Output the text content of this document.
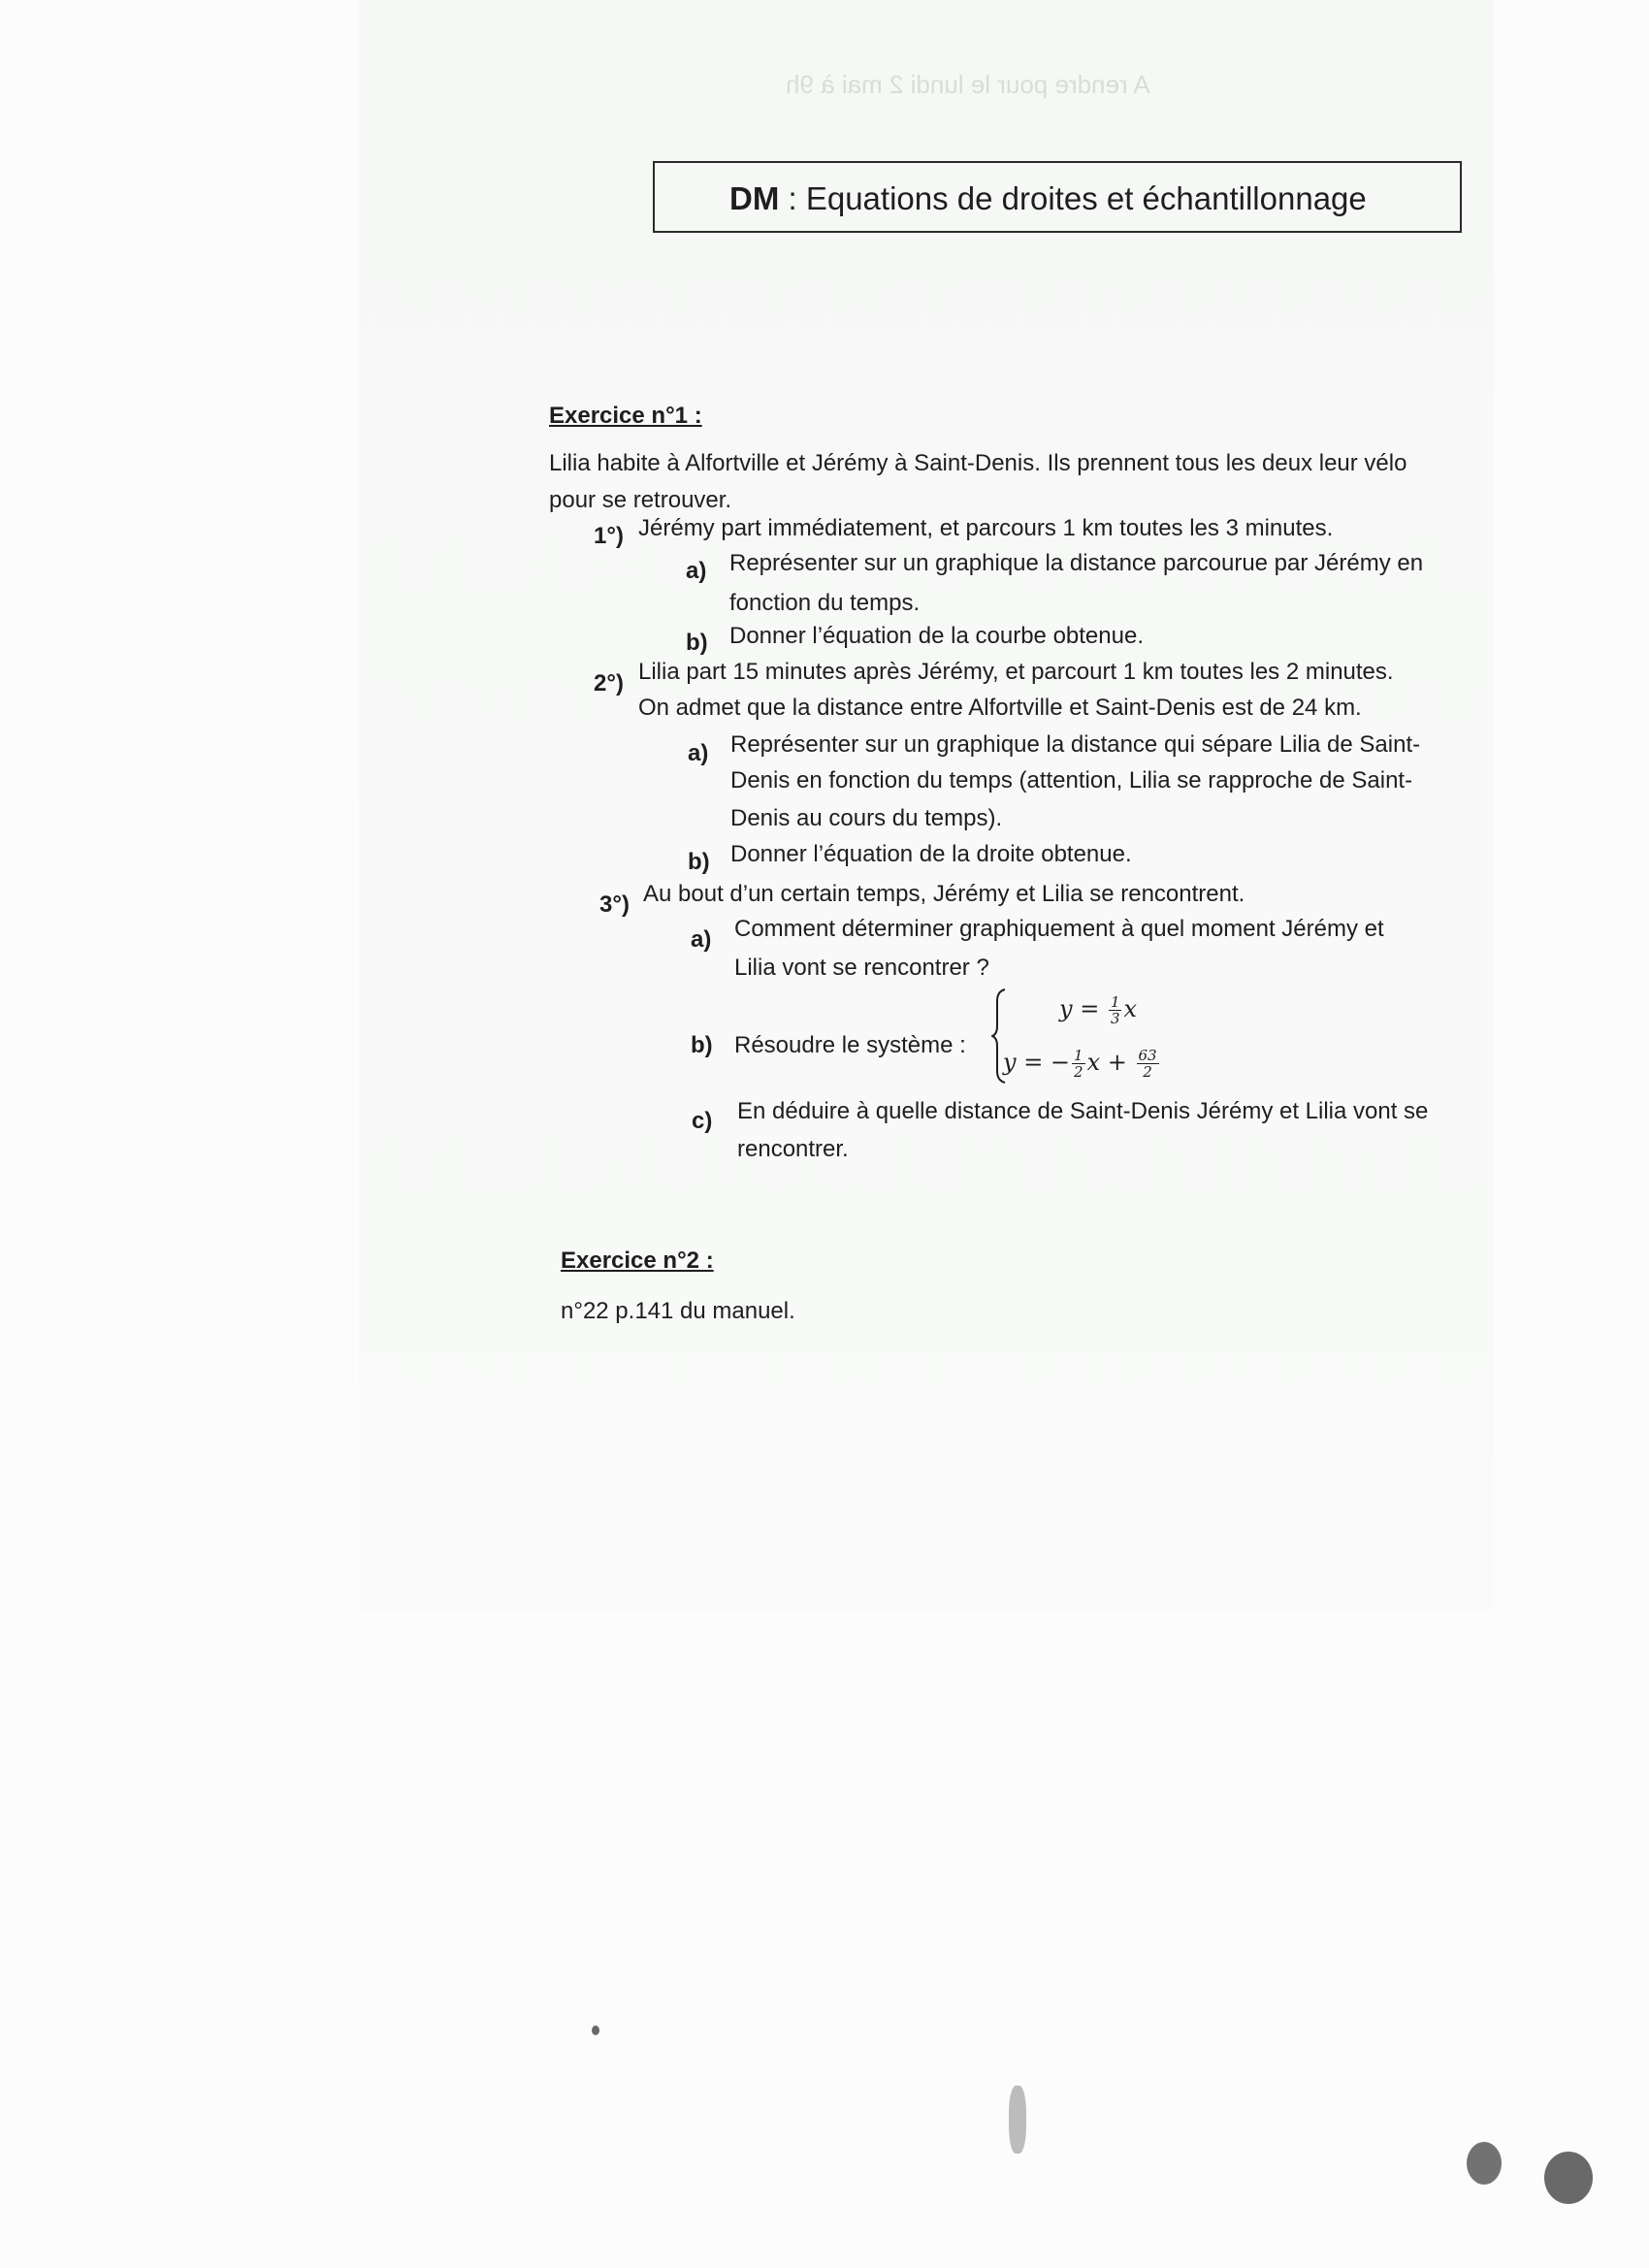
A rendre pour le lundi 2 mai à 9h
DM : Equations de droites et échantillonnage
Exercice n°1 :
Lilia habite à Alfortville et Jérémy à Saint-Denis. Ils prennent tous les deux leur vélo
pour se retrouver.
1°) Jérémy part immédiatement, et parcours 1 km toutes les 3 minutes.
a) Représenter sur un graphique la distance parcourue par Jérémy en
fonction du temps.
b) Donner l’équation de la courbe obtenue.
2°) Lilia part 15 minutes après Jérémy, et parcourt 1 km toutes les 2 minutes.
On admet que la distance entre Alfortville et Saint-Denis est de 24 km.
a) Représenter sur un graphique la distance qui sépare Lilia de Saint-
Denis en fonction du temps (attention, Lilia se rapproche de Saint-
Denis au cours du temps).
b) Donner l’équation de la droite obtenue.
3°) Au bout d’un certain temps, Jérémy et Lilia se rencontrent.
a) Comment déterminer graphiquement à quel moment Jérémy et
Lilia vont se rencontrer ?
b) Résoudre le système :
$y = \frac{1}{3}$ x
y = − $\frac{1}{2}$ $x + \frac{63}{2}$
c) En déduire à quelle distance de Saint-Denis Jérémy et Lilia vont se
rencontrer.
Exercice n°2 :
n°22 p.141 du manuel.
